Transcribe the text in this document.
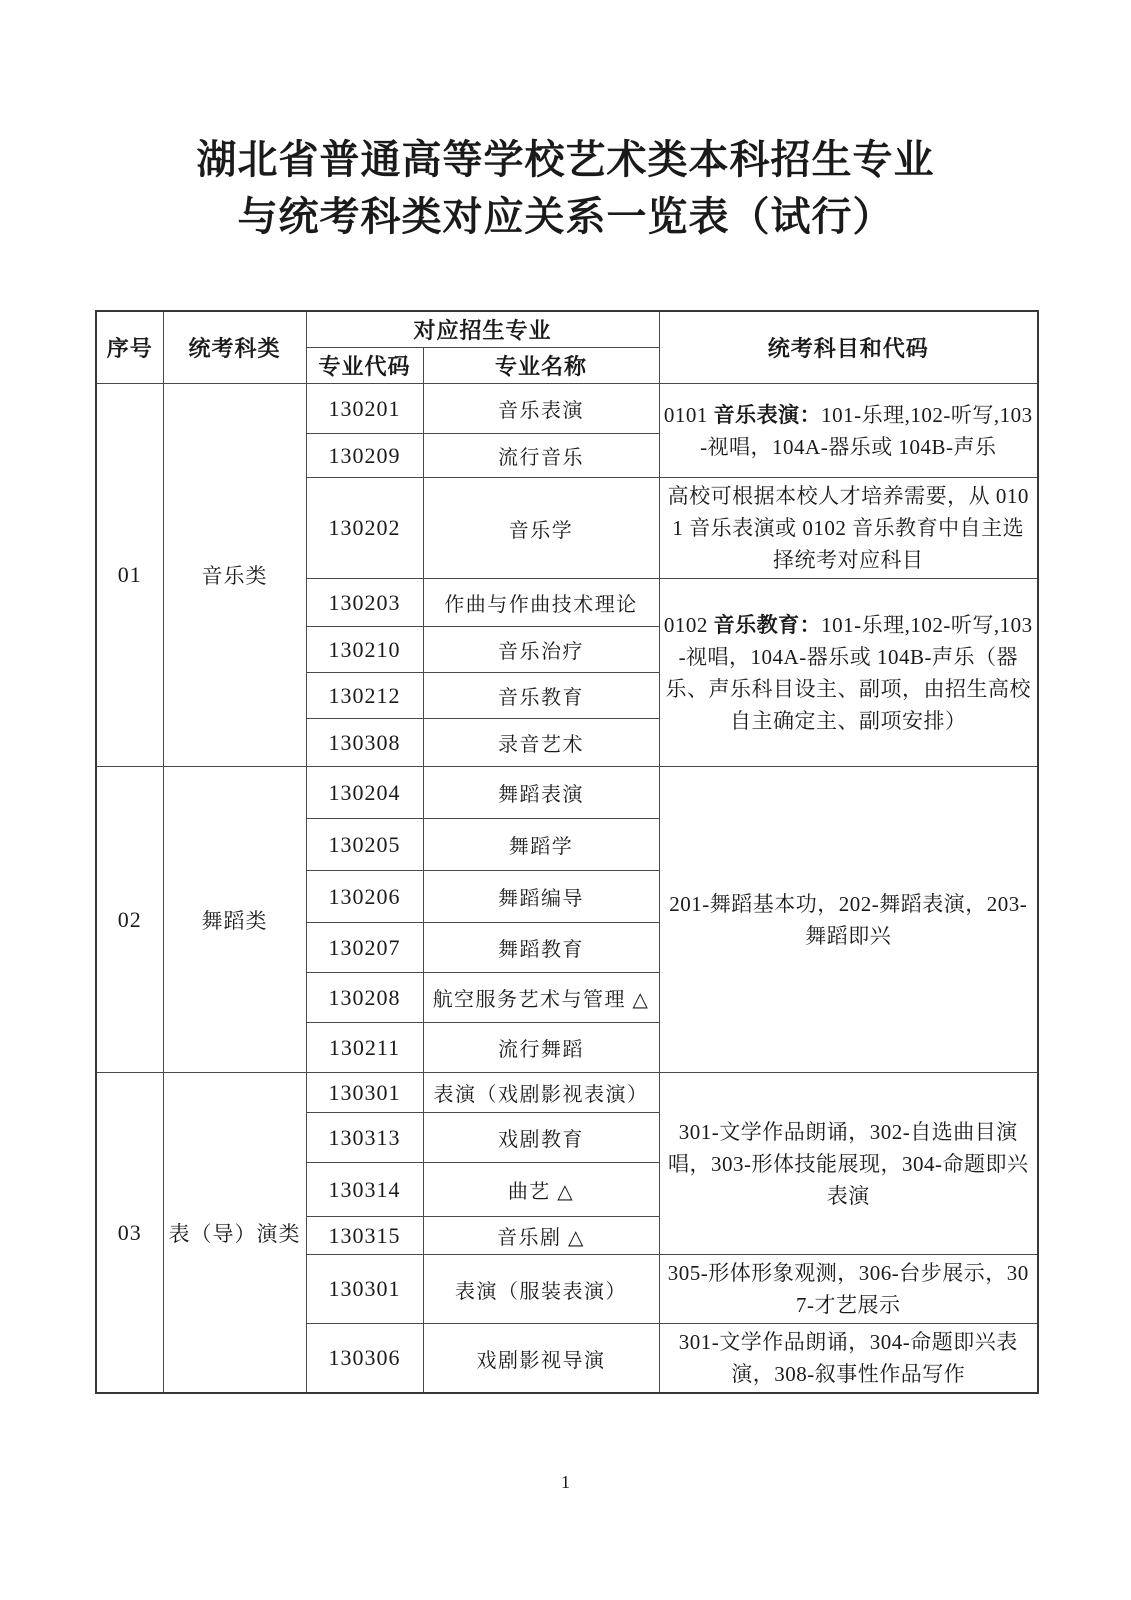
湖北省普通高等学校艺术类本科招生专业
与统考科类对应关系一览表（试行）
序号	统考科类	对应招生专业		统考科目和代码
		专业代码	专业名称	
01	音乐类	130201	音乐表演	0101 音乐表演：101-乐理,102-听写,103-视唱，104A-器乐或 104B-声乐
		130209	流行音乐	
		130202	音乐学	高校可根据本校人才培养需要，从 0101 音乐表演或 0102 音乐教育中自主选择统考对应科目
		130203	作曲与作曲技术理论	0102 音乐教育：101-乐理,102-听写,103-视唱，104A-器乐或 104B-声乐（器乐、声乐科目设主、副项，由招生高校自主确定主、副项安排）
		130210	音乐治疗	
		130212	音乐教育	
		130308	录音艺术	
02	舞蹈类	130204	舞蹈表演	201-舞蹈基本功，202-舞蹈表演，203-舞蹈即兴
		130205	舞蹈学	
		130206	舞蹈编导	
		130207	舞蹈教育	
		130208	航空服务艺术与管理 △	
		130211	流行舞蹈	
03	表（导）演类	130301	表演（戏剧影视表演）	301-文学作品朗诵，302-自选曲目演唱，303-形体技能展现，304-命题即兴表演
		130313	戏剧教育	
		130314	曲艺 △	
		130315	音乐剧 △	
		130301	表演（服装表演）	305-形体形象观测，306-台步展示，307-才艺展示
		130306	戏剧影视导演	301-文学作品朗诵，304-命题即兴表演，308-叙事性作品写作
1
